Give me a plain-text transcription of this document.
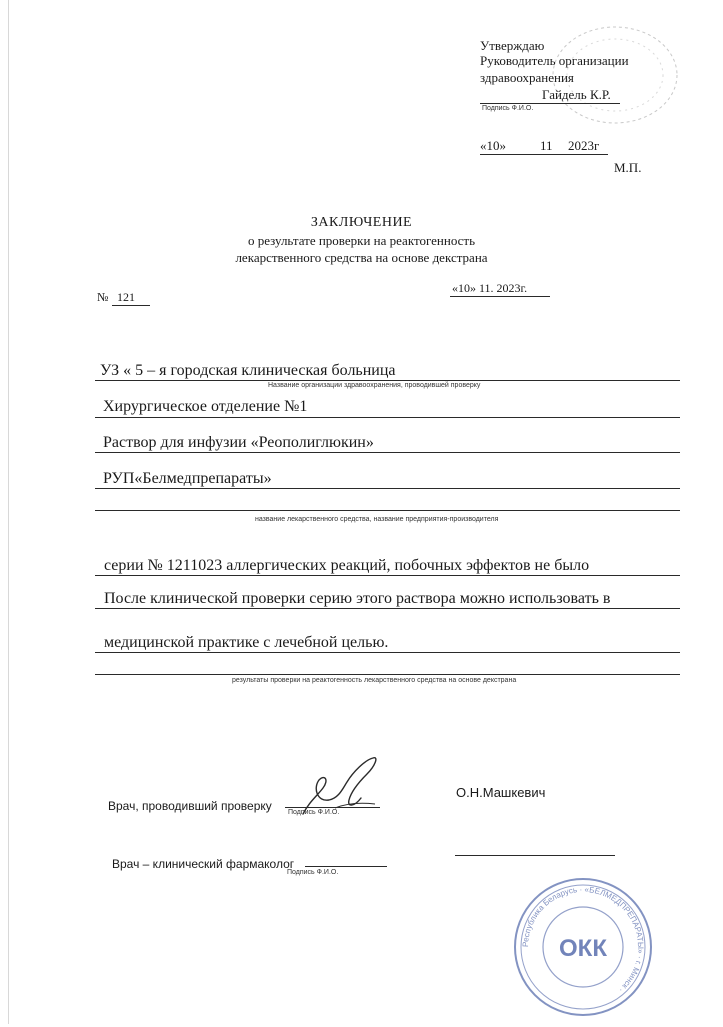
Утверждаю
Руководитель организации
здравоохранения
Гайдель К.Р.
Подпись Ф.И.О.
«10»	11 2023г
М.П.
ЗАКЛЮЧЕНИЕ
о результате проверки на реактогенность
лекарственного средства на основе декстрана
№ 121
«10» 11. 2023г.
УЗ « 5 – я городская клиническая больница
Название организации здравоохранения, проводившей проверку
Хирургическое отделение №1
Раствор для инфузии «Реополиглюкин»
РУП«Белмедпрепараты»
название лекарственного средства, название предприятия-производителя
серии № 1211023 аллергических реакций, побочных эффектов не было
После клинической проверки серию этого раствора можно использовать в
медицинской практике с лечебной целью.
результаты проверки на реактогенность лекарственного средства на основе декстрана
Врач, проводивший проверку Подпись Ф.И.О.
О.Н.Машкевич
Врач – клинический фармаколог
Подпись Ф.И.О.
Республика Беларусь · «БЕЛМЕДПРЕПАРАТЫ» · г. Минск ·
ОКК
